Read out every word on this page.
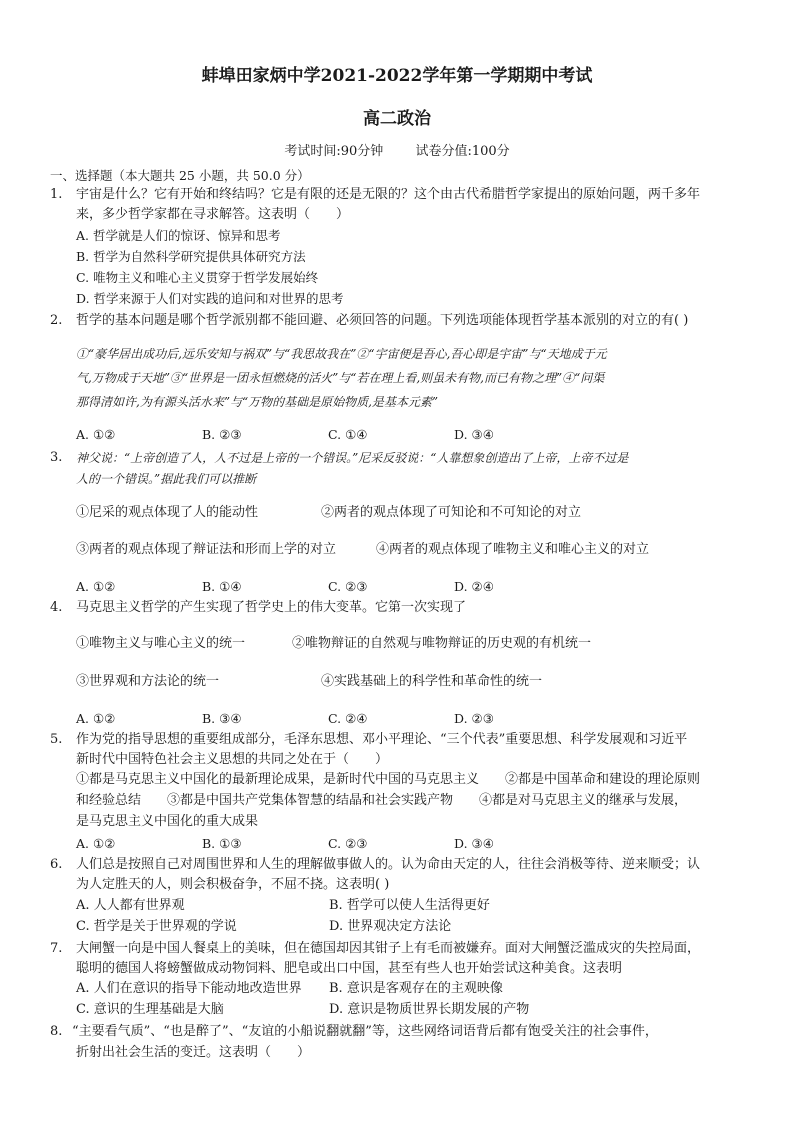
蚌埠田家炳中学2021-2022学年第一学期期中考试
高二政治
考试时间:90分钟 试卷分值:100分
一、选择题（本大题共 25 小题，共 50.0 分）
1. 宇宙是什么？它有开始和终结吗？它是有限的还是无限的？这个由古代希腊哲学家提出的原始问题，两千多年
来，多少哲学家都在寻求解答。这表明（　　）
A. 哲学就是人们的惊讶、惊异和思考
B. 哲学为自然科学研究提供具体研究方法
C. 唯物主义和唯心主义贯穿于哲学发展始终
D. 哲学来源于人们对实践的追问和对世界的思考
2. 哲学的基本问题是哪个哲学派别都不能回避、必须回答的问题。下列选项能体现哲学基本派别的对立的有( )
①“豪华居出成功后,远乐安知与祸双”与“我思故我在”②“宇宙便是吾心,吾心即是宇宙”与“天地成于元
气,万物成于天地”③“世界是一团永恒燃烧的活火”与“若在理上看,则虽未有物,而已有物之理”④“问渠
那得清如许,为有源头活水来”与“万物的基础是原始物质,是基本元素”
A. ①②	B. ②③	C. ①④	D. ③④
3. 神父说：“上帝创造了人，人不过是上帝的一个错误。”尼采反驳说：“人靠想象创造出了上帝，上帝不过是
人的一个错误。”据此我们可以推断
①尼采的观点体现了人的能动性	②两者的观点体现了可知论和不可知论的对立
③两者的观点体现了辩证法和形而上学的对立	④两者的观点体现了唯物主义和唯心主义的对立
A. ①②	B. ①④	C. ②③	D. ②④
4. 马克思主义哲学的产生实现了哲学史上的伟大变革。它第一次实现了
①唯物主义与唯心主义的统一	②唯物辩证的自然观与唯物辩证的历史观的有机统一
③世界观和方法论的统一	④实践基础上的科学性和革命性的统一
A. ①②	B. ③④	C. ②④	D. ②③
5. 作为党的指导思想的重要组成部分，毛泽东思想、邓小平理论、“三个代表”重要思想、科学发展观和习近平
新时代中国特色社会主义思想的共同之处在于（　　）
①都是马克思主义中国化的最新理论成果，是新时代中国的马克思主义　　②都是中国革命和建设的理论原则
和经验总结　　③都是中国共产党集体智慧的结晶和社会实践产物　　④都是对马克思主义的继承与发展，
是马克思主义中国化的重大成果
A. ①②	B. ①③	C. ②③	D. ③④
6. 人们总是按照自己对周围世界和人生的理解做事做人的。认为命由天定的人，往往会消极等待、逆来顺受；认
为人定胜天的人，则会积极奋争，不屈不挠。这表明( )
A. 人人都有世界观	B. 哲学可以使人生活得更好
C. 哲学是关于世界观的学说	D. 世界观决定方法论
7. 大闸蟹一向是中国人餐桌上的美味，但在德国却因其钳子上有毛而被嫌弃。面对大闸蟹泛滥成灾的失控局面，
聪明的德国人将螃蟹做成动物饲料、肥皂或出口中国，甚至有些人也开始尝试这种美食。这表明
A. 人们在意识的指导下能动地改造世界 B. 意识是客观存在的主观映像
C. 意识的生理基础是大脑	D. 意识是物质世界长期发展的产物
8. “主要看气质”、“也是醉了”、“友谊的小船说翻就翻”等，这些网络词语背后都有饱受关注的社会事件，
折射出社会生活的变迁。这表明（　　）
